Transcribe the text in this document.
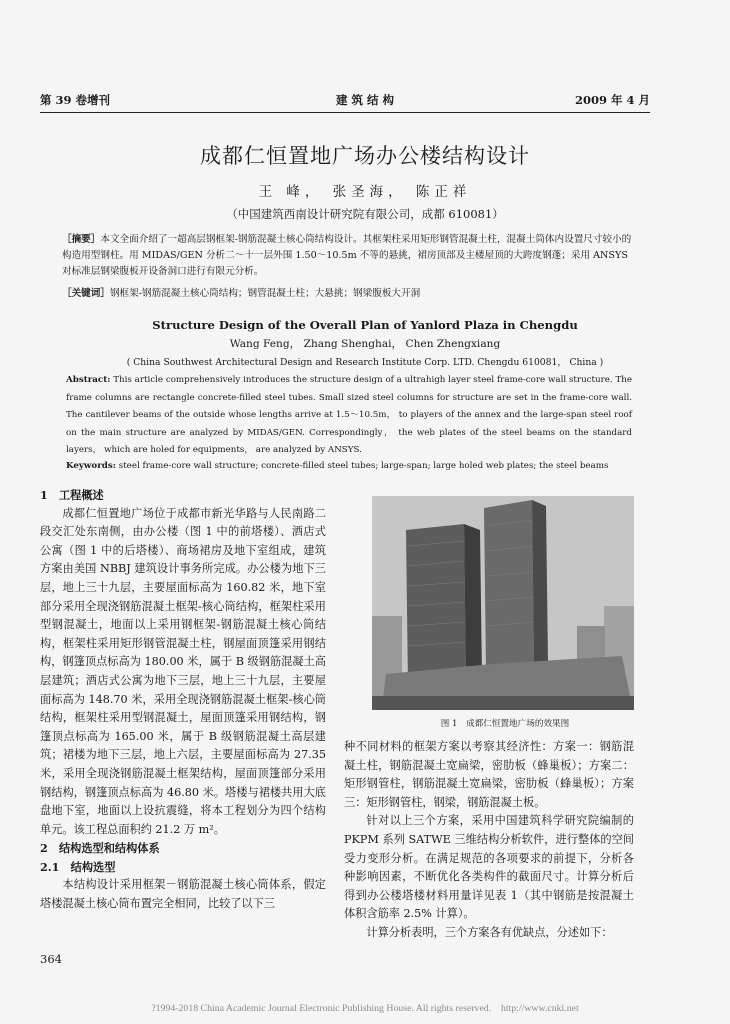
第 39 卷增刊	建 筑 结 构	2009 年 4 月
成都仁恒置地广场办公楼结构设计
王 峰， 张圣海， 陈正祥
（中国建筑西南设计研究院有限公司，成都 610081）
［摘要］本文全面介绍了一超高层钢框架-钢筋混凝土核心筒结构设计。其框架柱采用矩形钢管混凝土柱，混凝土筒体内设置尺寸较小的构造用型钢柱。用 MIDAS/GEN 分析二～十一层外围 1.50～10.5m 不等的悬挑，裙房顶部及主楼屋顶的大跨度钢蓬；采用 ANSYS 对标准层钢梁腹板开设备洞口进行有限元分析。
［关键词］钢框架-钢筋混凝土核心筒结构；钢管混凝土柱；大悬挑；钢梁腹板大开洞
Structure Design of the Overall Plan of Yanlord Plaza in Chengdu
Wang Feng， Zhang Shenghai， Chen Zhengxiang
( China Southwest Architectural Design and Research Institute Corp. LTD. Chengdu 610081， China )
Abstract: This article comprehensively introduces the structure design of a ultrahigh layer steel frame-core wall structure. The frame columns are rectangle concrete-filled steel tubes. Small sized steel columns for structure are set in the frame-core wall. The cantilever beams of the outside whose lengths arrive at 1.5～10.5m， to players of the annex and the large-span steel roof on the main structure are analyzed by MIDAS/GEN. Correspondingly， the web plates of the steel beams on the standard layers， which are holed for equipments， are analyzed by ANSYS.
Keywords: steel frame-core wall structure; concrete-filled steel tubes; large-span; large holed web plates; the steel beams
1　工程概述

成都仁恒置地广场位于成都市新光华路与人民南路二段交汇处东南侧，由办公楼（图 1 中的前塔楼）、酒店式公寓（图 1 中的后塔楼）、商场裙房及地下室组成，建筑方案由美国 NBBJ 建筑设计事务所完成。办公楼为地下三层，地上三十九层，主要屋面标高为 160.82 米，地下室部分采用全现浇钢筋混凝土框架-核心筒结构，框架柱采用型钢混凝土，地面以上采用钢框架-钢筋混凝土核心筒结构，框架柱采用矩形钢管混凝土柱，钢屋面顶篷采用钢结构，钢篷顶点标高为 180.00 米，属于 B 级钢筋混凝土高层建筑；酒店式公寓为地下三层，地上三十九层，主要屋面标高为 148.70 米，采用全现浇钢筋混凝土框架-核心筒结构，框架柱采用型钢混凝土，屋面顶篷采用钢结构，钢篷顶点标高为 165.00 米，属于 B 级钢筋混凝土高层建筑；裙楼为地下三层，地上六层，主要屋面标高为 27.35 米，采用全现浇钢筋混凝土框架结构，屋面顶篷部分采用钢结构，钢篷顶点标高为 46.80 米。塔楼与裙楼共用大底盘地下室，地面以上设抗震缝，将本工程划分为四个结构单元。该工程总面积约 21.2 万 m²。

2　结构选型和结构体系
2.1　结构选型

本结构设计采用框架－钢筋混凝土核心筒体系，假定塔楼混凝土核心筒布置完全相同，比较了以下三

图 1　成都仁恒置地广场的效果图

种不同材料的框架方案以考察其经济性：方案一：钢筋混凝土柱，钢筋混凝土宽扁梁，密肋板（蜂巢板）；方案二：矩形钢管柱，钢筋混凝土宽扁梁，密肋板（蜂巢板）；方案三：矩形钢管柱，钢梁，钢筋混凝土板。

针对以上三个方案，采用中国建筑科学研究院编制的 PKPM 系列 SATWE 三维结构分析软件，进行整体的空间受力变形分析。在满足规范的各项要求的前提下，分析各种影响因素，不断优化各类构件的截面尺寸。计算分析后得到办公楼塔楼材料用量详见表 1（其中钢筋是按混凝土体积含筋率 2.5% 计算）。

计算分析表明，三个方案各有优缺点，分述如下：

364
?1994-2018 China Academic Journal Electronic Publishing House. All rights reserved.　http://www.cnki.net
